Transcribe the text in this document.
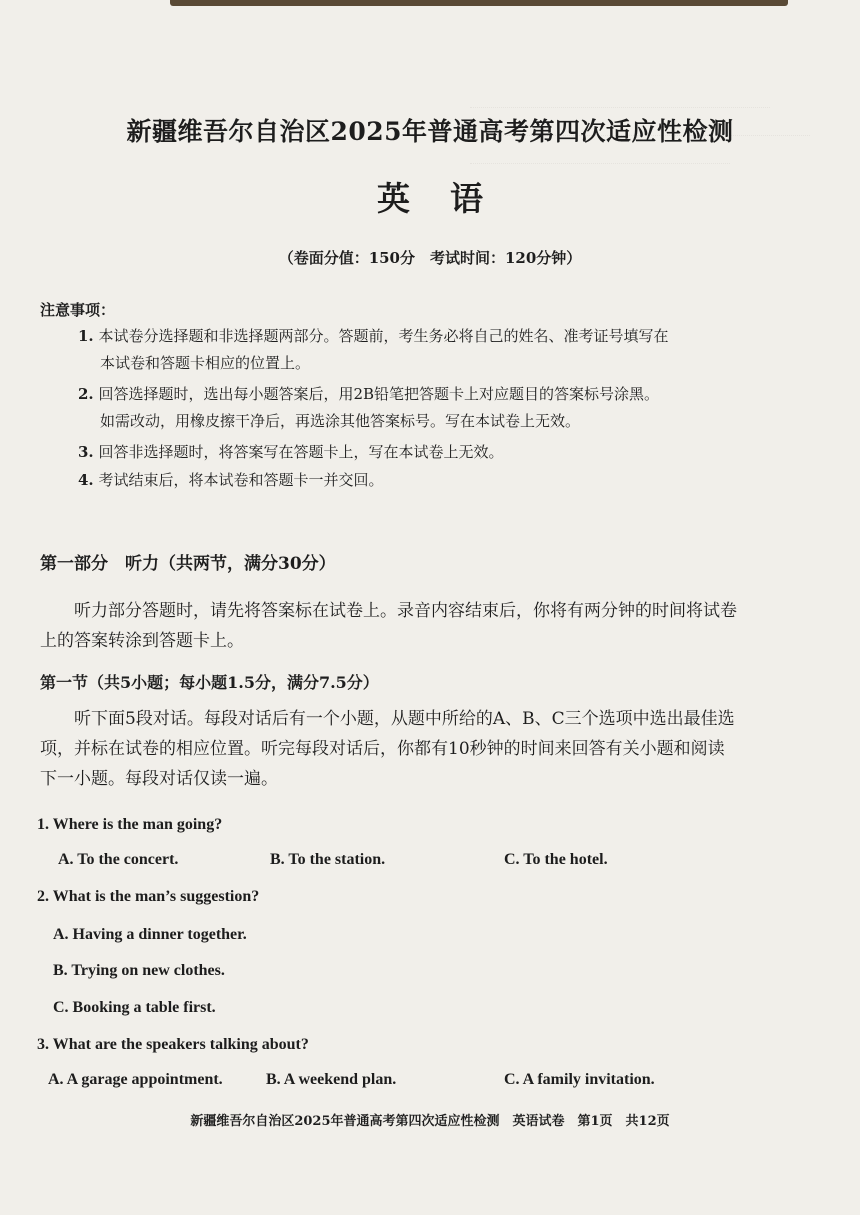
新疆维吾尔自治区2025年普通高考第四次适应性检测
英语
（卷面分值：150分　考试时间：120分钟）
注意事项：
1. 本试卷分选择题和非选择题两部分。答题前，考生务必将自己的姓名、准考证号填写在
本试卷和答题卡相应的位置上。
2. 回答选择题时，选出每小题答案后，用2B铅笔把答题卡上对应题目的答案标号涂黑。
如需改动，用橡皮擦干净后，再选涂其他答案标号。写在本试卷上无效。
3. 回答非选择题时，将答案写在答题卡上，写在本试卷上无效。
4. 考试结束后，将本试卷和答题卡一并交回。
第一部分　听力（共两节，满分30分）
听力部分答题时，请先将答案标在试卷上。录音内容结束后，你将有两分钟的时间将试卷
上的答案转涂到答题卡上。
第一节（共5小题；每小题1.5分，满分7.5分）
听下面5段对话。每段对话后有一个小题，从题中所给的A、B、C三个选项中选出最佳选
项，并标在试卷的相应位置。听完每段对话后，你都有10秒钟的时间来回答有关小题和阅读
下一小题。每段对话仅读一遍。
1. Where is the man going?
A. To the concert.	B. To the station.	C. To the hotel.
2. What is the man’s suggestion?
A. Having a dinner together.
B. Trying on new clothes.
C. Booking a table first.
3. What are the speakers talking about?
A. A garage appointment.	B. A weekend plan.	C. A family invitation.
新疆维吾尔自治区2025年普通高考第四次适应性检测　英语试卷　第1页　共12页
